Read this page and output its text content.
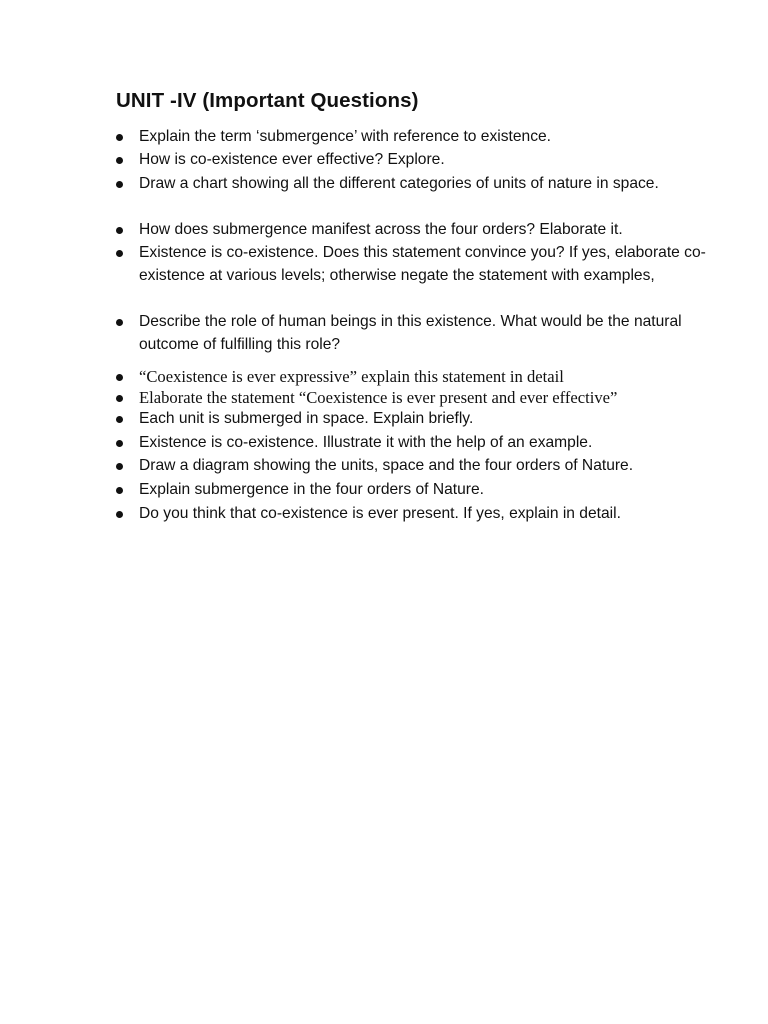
UNIT -IV (Important Questions)
Explain the term ‘submergence’ with reference to existence.
How is co-existence ever effective? Explore.
Draw a chart showing all the different categories of units of nature in space.
How does submergence manifest across the four orders? Elaborate it.
Existence is co-existence. Does this statement convince you? If yes, elaborate co-existence at various levels; otherwise negate the statement with examples,
Describe the role of human beings in this existence. What would be the natural outcome of fulfilling this role?
“Coexistence is ever expressive” explain this statement in detail
Elaborate the statement “Coexistence is ever present and ever effective”
Each unit is submerged in space. Explain briefly.
Existence is co-existence. Illustrate it with the help of an example.
Draw a diagram showing the units, space and the four orders of Nature.
Explain submergence in the four orders of Nature.
Do you think that co-existence is ever present. If yes, explain in detail.
